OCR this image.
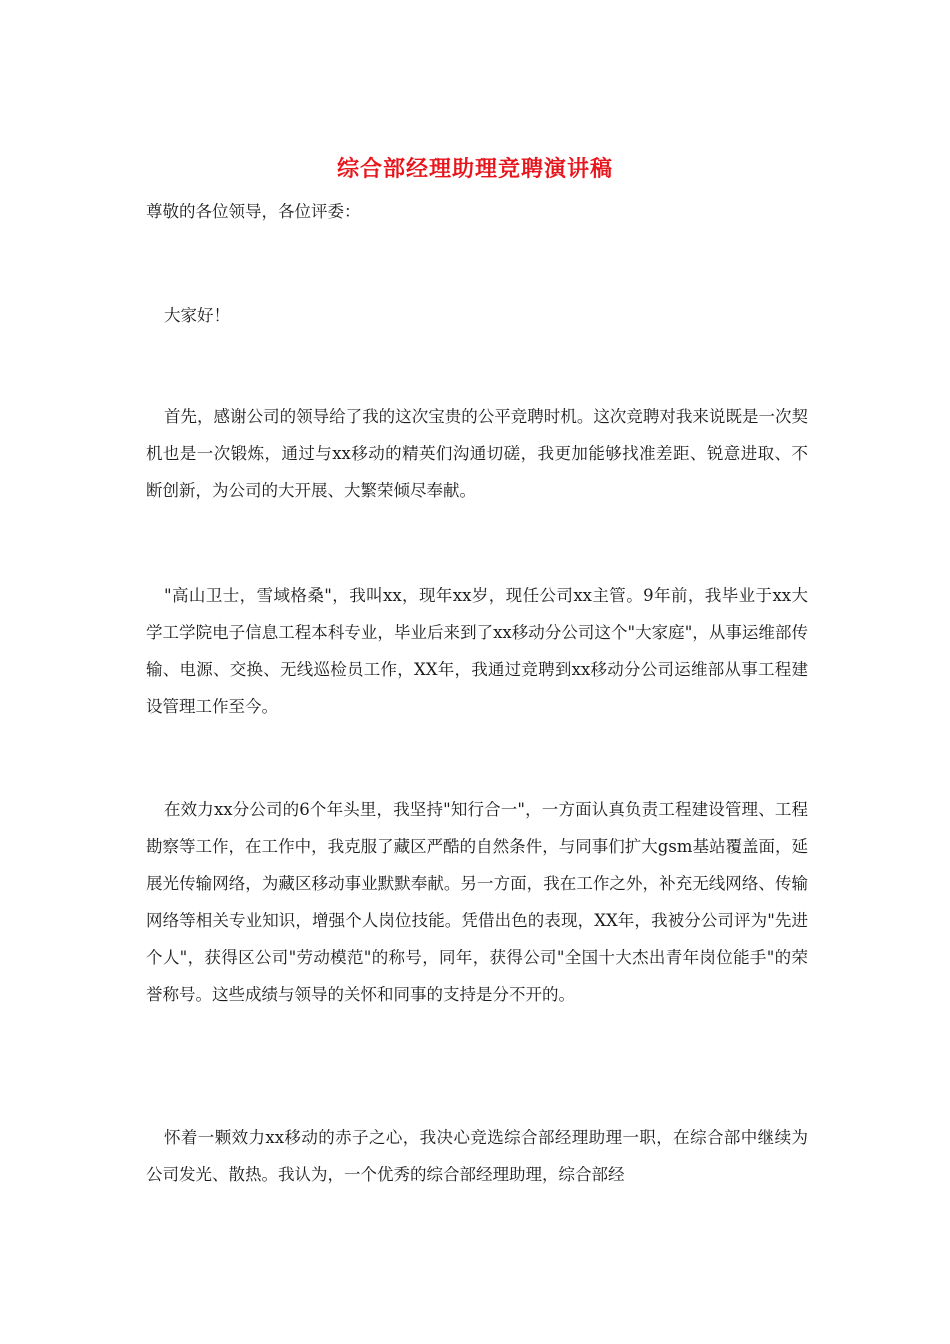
综合部经理助理竞聘演讲稿
尊敬的各位领导，各位评委：

大家好！

首先，感谢公司的领导给了我的这次宝贵的公平竞聘时机。这次竞聘对我来说既是一次契机也是一次锻炼，通过与xx移动的精英们沟通切磋，我更加能够找准差距、锐意进取、不断创新，为公司的大开展、大繁荣倾尽奉献。

"高山卫士，雪域格桑"，我叫xx，现年xx岁，现任公司xx主管。9年前，我毕业于xx大学工学院电子信息工程本科专业，毕业后来到了xx移动分公司这个"大家庭"，从事运维部传输、电源、交换、无线巡检员工作，XX年，我通过竞聘到xx移动分公司运维部从事工程建设管理工作至今。

在效力xx分公司的6个年头里，我坚持"知行合一"，一方面认真负责工程建设管理、工程勘察等工作，在工作中，我克服了藏区严酷的自然条件，与同事们扩大gsm基站覆盖面，延展光传输网络，为藏区移动事业默默奉献。另一方面，我在工作之外，补充无线网络、传输网络等相关专业知识，增强个人岗位技能。凭借出色的表现，XX年，我被分公司评为"先进个人"，获得区公司"劳动模范"的称号，同年，获得公司"全国十大杰出青年岗位能手"的荣誉称号。这些成绩与领导的关怀和同事的支持是分不开的。

怀着一颗效力xx移动的赤子之心，我决心竞选综合部经理助理一职，在综合部中继续为公司发光、散热。我认为，一个优秀的综合部经理助理，综合部经
